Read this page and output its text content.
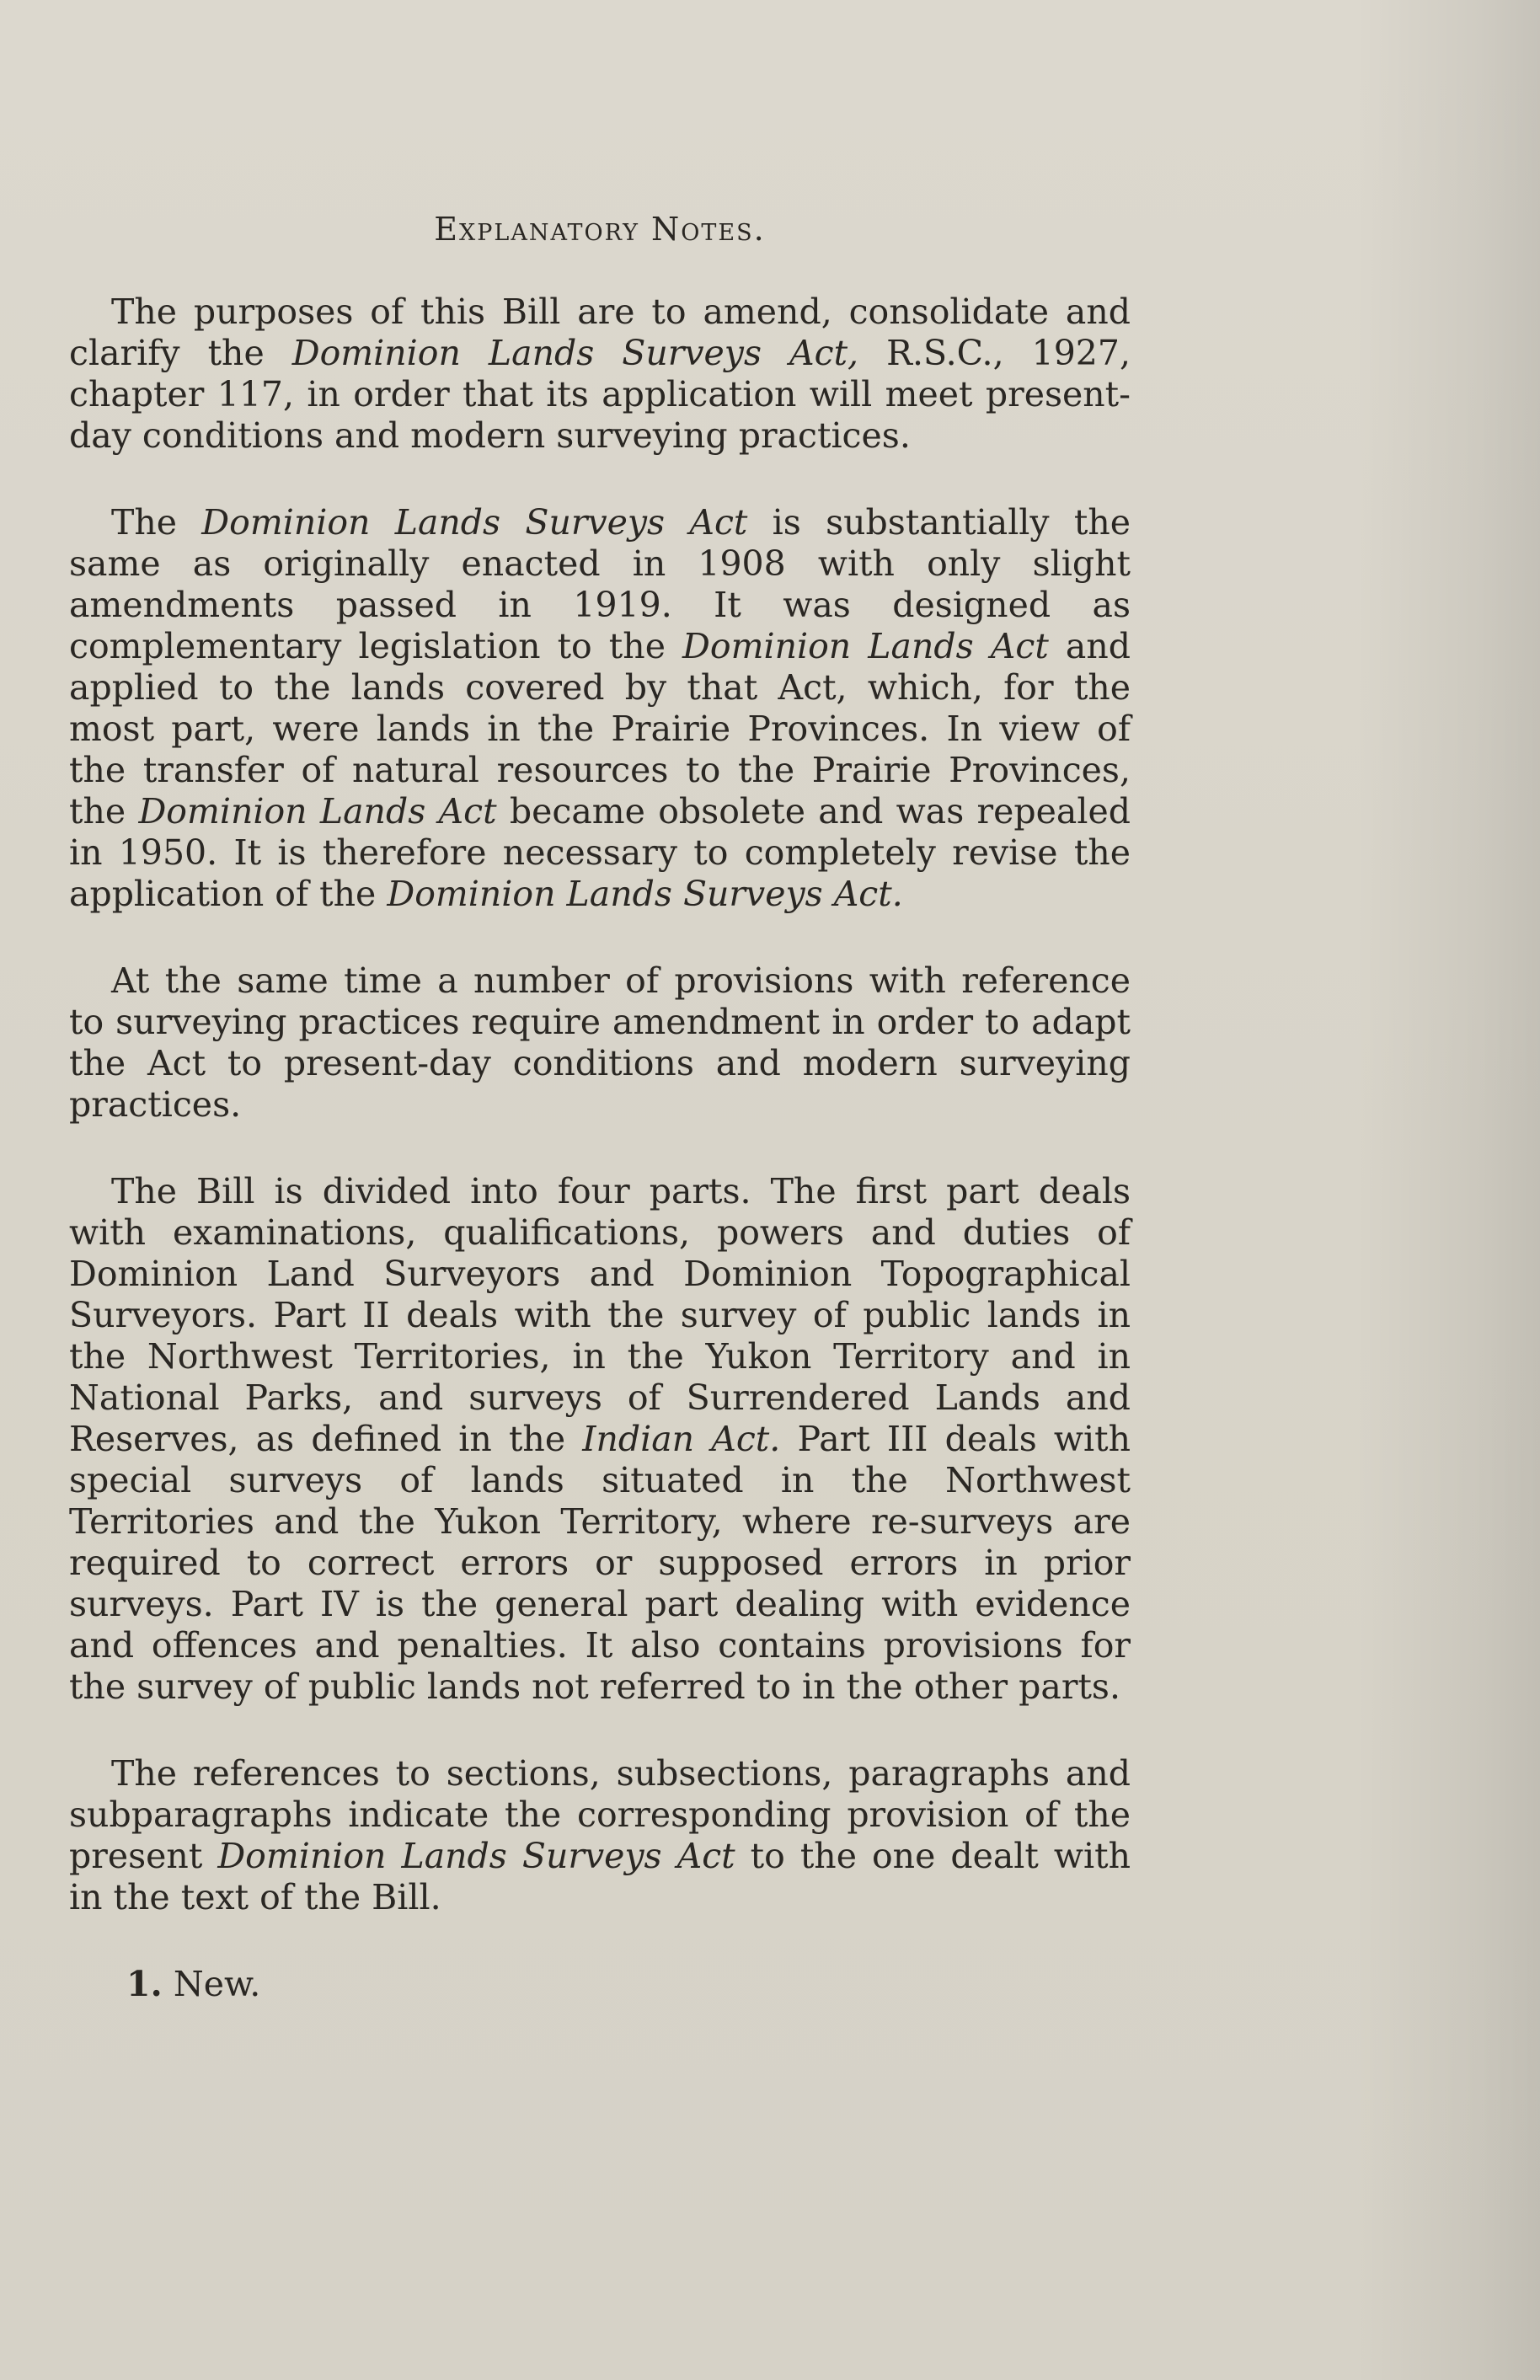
Explanatory Notes.

The purposes of this Bill are to amend, consolidate and clarify the Dominion Lands Surveys Act, R.S.C., 1927, chapter 117, in order that its application will meet present-day conditions and modern surveying practices.

The Dominion Lands Surveys Act is substantially the same as originally enacted in 1908 with only slight amendments passed in 1919. It was designed as complementary legislation to the Dominion Lands Act and applied to the lands covered by that Act, which, for the most part, were lands in the Prairie Provinces. In view of the transfer of natural resources to the Prairie Provinces, the Dominion Lands Act became obsolete and was repealed in 1950. It is therefore necessary to completely revise the application of the Dominion Lands Surveys Act.

At the same time a number of provisions with reference to surveying practices require amendment in order to adapt the Act to present-day conditions and modern surveying practices.

The Bill is divided into four parts. The first part deals with examinations, qualifications, powers and duties of Dominion Land Surveyors and Dominion Topographical Surveyors. Part II deals with the survey of public lands in the Northwest Territories, in the Yukon Territory and in National Parks, and surveys of Surrendered Lands and Reserves, as defined in the Indian Act. Part III deals with special surveys of lands situated in the Northwest Territories and the Yukon Territory, where re-surveys are required to correct errors or supposed errors in prior surveys. Part IV is the general part dealing with evidence and offences and penalties. It also contains provisions for the survey of public lands not referred to in the other parts.

The references to sections, subsections, paragraphs and subparagraphs indicate the corresponding provision of the present Dominion Lands Surveys Act to the one dealt with in the text of the Bill.

1. New.
